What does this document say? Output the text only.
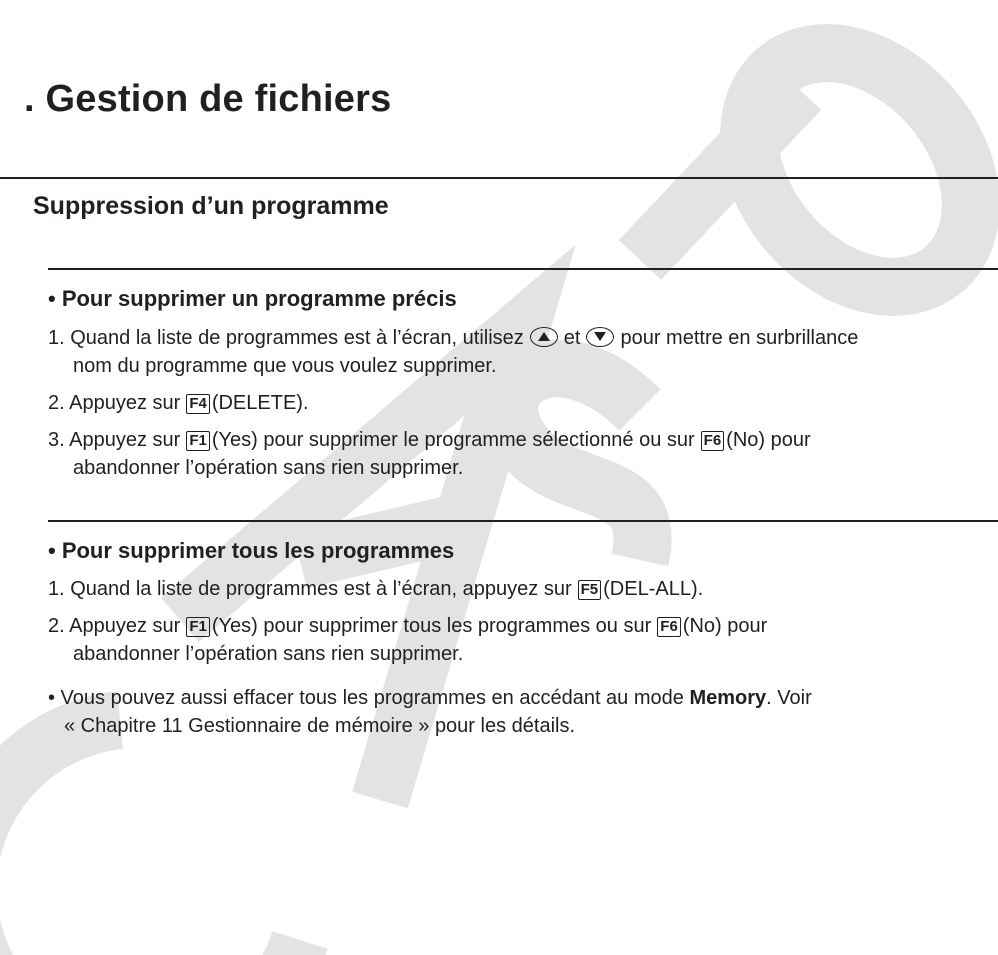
. Gestion de fichiers
Suppression d’un programme
• Pour supprimer un programme précis
1. Quand la liste de programmes est à l’écran, utilisez et pour mettre en surbrillance
nom du programme que vous voulez supprimer.
2. Appuyez sur F4 (DELETE).
3. Appuyez sur F1 (Yes) pour supprimer le programme sélectionné ou sur F6 (No) pour
abandonner l’opération sans rien supprimer.
• Pour supprimer tous les programmes
1. Quand la liste de programmes est à l’écran, appuyez sur F5 (DEL-ALL).
2. Appuyez sur F1 (Yes) pour supprimer tous les programmes ou sur F6 (No) pour
abandonner l’opération sans rien supprimer.
• Vous pouvez aussi effacer tous les programmes en accédant au mode Memory. Voir
« Chapitre 11 Gestionnaire de mémoire » pour les détails.
